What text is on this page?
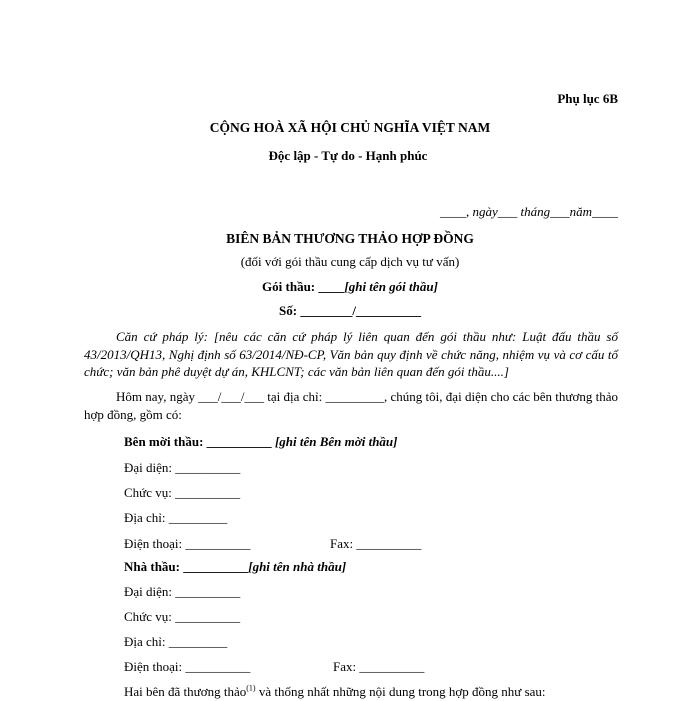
Phụ lục 6B
CỘNG HOÀ XÃ HỘI CHỦ NGHĨA VIỆT NAM
Độc lập - Tự do - Hạnh phúc
____, ngày___ tháng___năm____
BIÊN BẢN THƯƠNG THẢO HỢP ĐỒNG
(đối với gói thầu cung cấp dịch vụ tư vấn)
Gói thầu: ____[ghi tên gói thầu]
Số: ________/__________
Căn cứ pháp lý: [nêu các căn cứ pháp lý liên quan đến gói thầu như: Luật đấu thầu số 43/2013/QH13, Nghị định số 63/2014/NĐ-CP, Văn bản quy định về chức năng, nhiệm vụ và cơ cấu tổ chức; văn bản phê duyệt dự án, KHLCNT; các văn bản liên quan đến gói thầu....]
Hôm nay, ngày ___/___/___ tại địa chỉ: _________, chúng tôi, đại diện cho các bên thương thảo hợp đồng, gồm có:
Bên mời thầu: __________ [ghi tên Bên mời thầu]
Đại diện: __________
Chức vụ: __________
Địa chỉ: _________
Điện thoại: __________	Fax: __________
Nhà thầu: __________[ghi tên nhà thầu]
Đại diện: __________
Chức vụ: __________
Địa chỉ: _________
Điện thoại: __________	Fax: __________
Hai bên đã thương thảo$^{(1)}$ và thống nhất những nội dung trong hợp đồng như sau:
